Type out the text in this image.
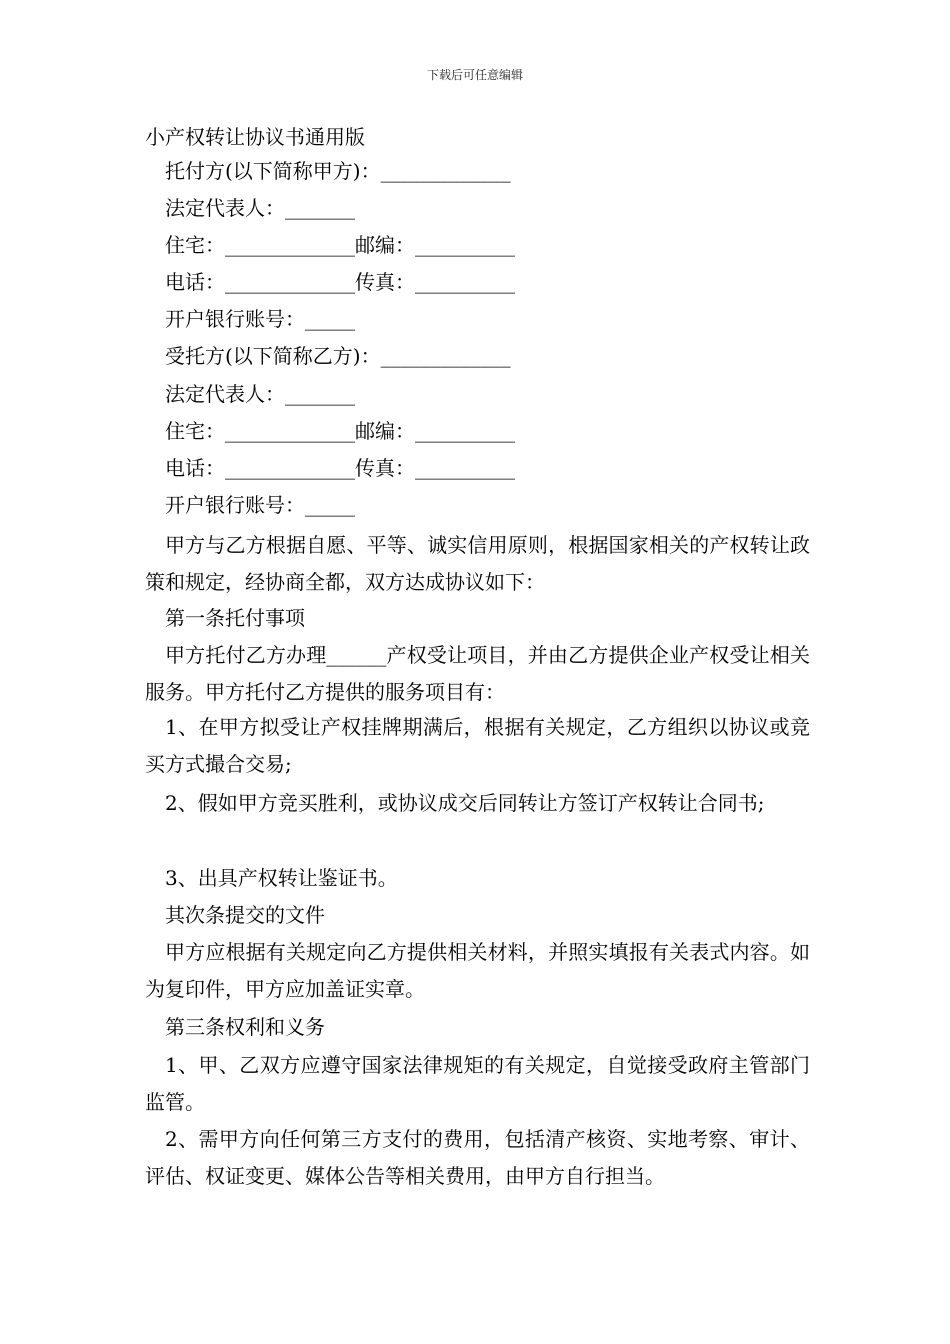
下载后可任意编辑
小产权转让协议书通用版
托付方(以下简称甲方)：_____________
法定代表人：_______
住宅：_____________邮编：__________
电话：_____________传真：__________
开户银行账号：_____
受托方(以下简称乙方)：_____________
法定代表人：_______
住宅：_____________邮编：__________
电话：_____________传真：__________
开户银行账号：_____
甲方与乙方根据自愿、平等、诚实信用原则，根据国家相关的产权转让政策和规定，经协商全都，双方达成协议如下：
第一条托付事项
甲方托付乙方办理______产权受让项目，并由乙方提供企业产权受让相关服务。甲方托付乙方提供的服务项目有：
1、在甲方拟受让产权挂牌期满后，根据有关规定，乙方组织以协议或竞买方式撮合交易;
2、假如甲方竞买胜利，或协议成交后同转让方签订产权转让合同书;
3、出具产权转让鉴证书。
其次条提交的文件
甲方应根据有关规定向乙方提供相关材料，并照实填报有关表式内容。如为复印件，甲方应加盖证实章。
第三条权利和义务
1、甲、乙双方应遵守国家法律规矩的有关规定，自觉接受政府主管部门监管。
2、需甲方向任何第三方支付的费用，包括清产核资、实地考察、审计、评估、权证变更、媒体公告等相关费用，由甲方自行担当。
